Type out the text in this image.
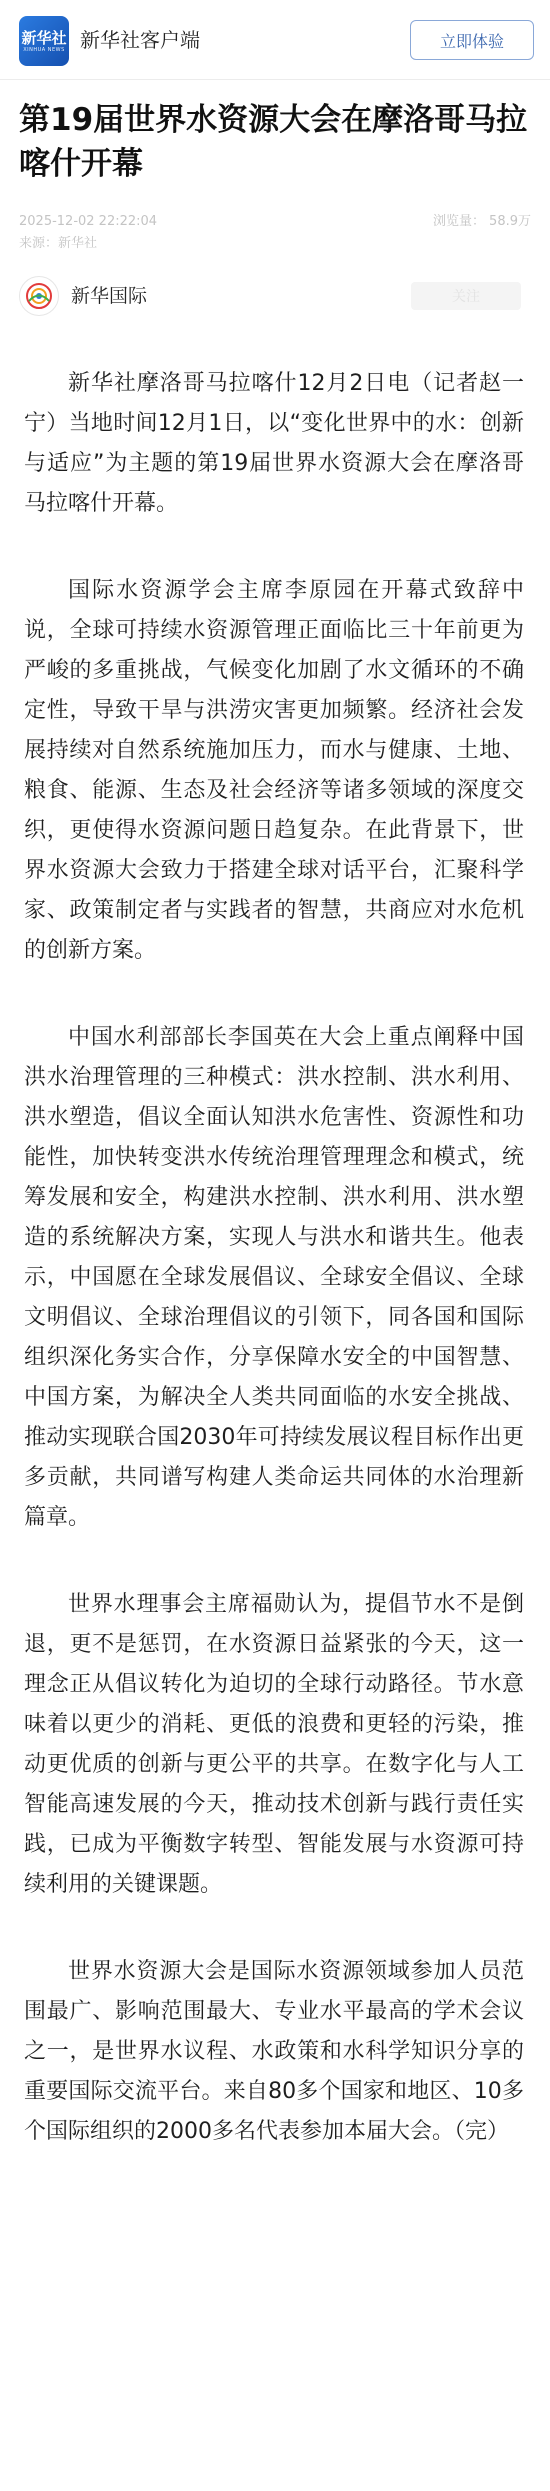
新华社
XINHUA NEWS 新华社客户端	立即体验
第19届世界水资源大会在摩洛哥马拉喀什开幕
2025-12-02 22:22:04	浏览量： 58.9万
来源：新华社
新华国际	关注

新华社摩洛哥马拉喀什12月2日电（记者赵一宁）当地时间12月1日，以“变化世界中的水：创新与适应”为主题的第19届世界水资源大会在摩洛哥马拉喀什开幕。

国际水资源学会主席李原园在开幕式致辞中说，全球可持续水资源管理正面临比三十年前更为严峻的多重挑战，气候变化加剧了水文循环的不确定性，导致干旱与洪涝灾害更加频繁。经济社会发展持续对自然系统施加压力，而水与健康、土地、粮食、能源、生态及社会经济等诸多领域的深度交织，更使得水资源问题日趋复杂。在此背景下，世界水资源大会致力于搭建全球对话平台，汇聚科学家、政策制定者与实践者的智慧，共商应对水危机的创新方案。

中国水利部部长李国英在大会上重点阐释中国洪水治理管理的三种模式：洪水控制、洪水利用、洪水塑造，倡议全面认知洪水危害性、资源性和功能性，加快转变洪水传统治理管理理念和模式，统筹发展和安全，构建洪水控制、洪水利用、洪水塑造的系统解决方案，实现人与洪水和谐共生。他表示，中国愿在全球发展倡议、全球安全倡议、全球文明倡议、全球治理倡议的引领下，同各国和国际组织深化务实合作，分享保障水安全的中国智慧、中国方案，为解决全人类共同面临的水安全挑战、推动实现联合国2030年可持续发展议程目标作出更多贡献，共同谱写构建人类命运共同体的水治理新篇章。

世界水理事会主席福勋认为，提倡节水不是倒退，更不是惩罚，在水资源日益紧张的今天，这一理念正从倡议转化为迫切的全球行动路径。节水意味着以更少的消耗、更低的浪费和更轻的污染，推动更优质的创新与更公平的共享。在数字化与人工智能高速发展的今天，推动技术创新与践行责任实践，已成为平衡数字转型、智能发展与水资源可持续利用的关键课题。

世界水资源大会是国际水资源领域参加人员范围最广、影响范围最大、专业水平最高的学术会议之一，是世界水议程、水政策和水科学知识分享的重要国际交流平台。来自80多个国家和地区、10多个国际组织的2000多名代表参加本届大会。（完）
